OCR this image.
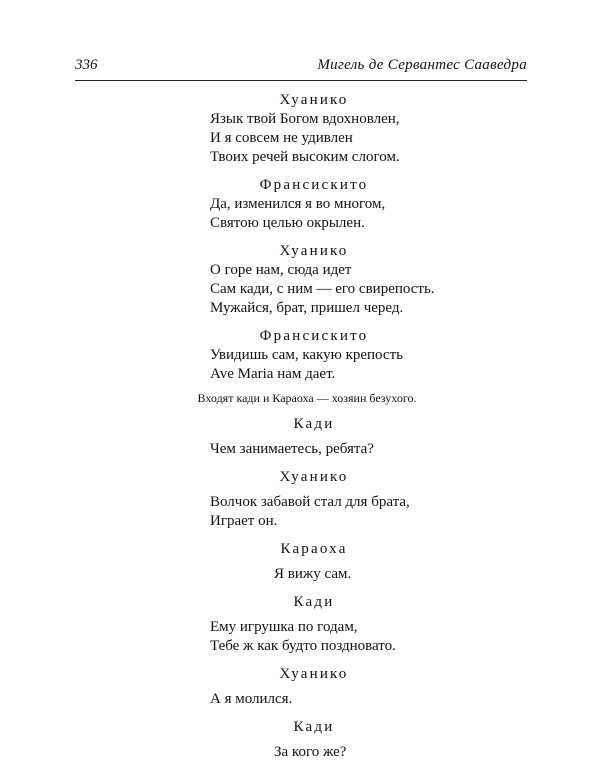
336	Мигель де Сервантес Сааведра

Хуанико

Язык твой Богом вдохновлен,
И я совсем не удивлен
Твоих речей высоким слогом.

Франсискито

Да, изменился я во многом,
Святою целью окрылен.

Хуанико

О горе нам, сюда идет
Сам кади, с ним — его свирепость.
Мужайся, брат, пришел черед.

Франсискито

Увидишь сам, какую крепость
Ave Maria нам дает.

Входят кади и Караоха — хозяин безухого.

Кади

Чем занимаетесь, ребята?

Хуанико

Волчок забавой стал для брата,
Играет он.

Караоха

Я вижу сам.

Кади

Ему игрушка по годам,
Тебе ж как будто поздновато.

Хуанико

А я молился.

Кади

За кого же?
